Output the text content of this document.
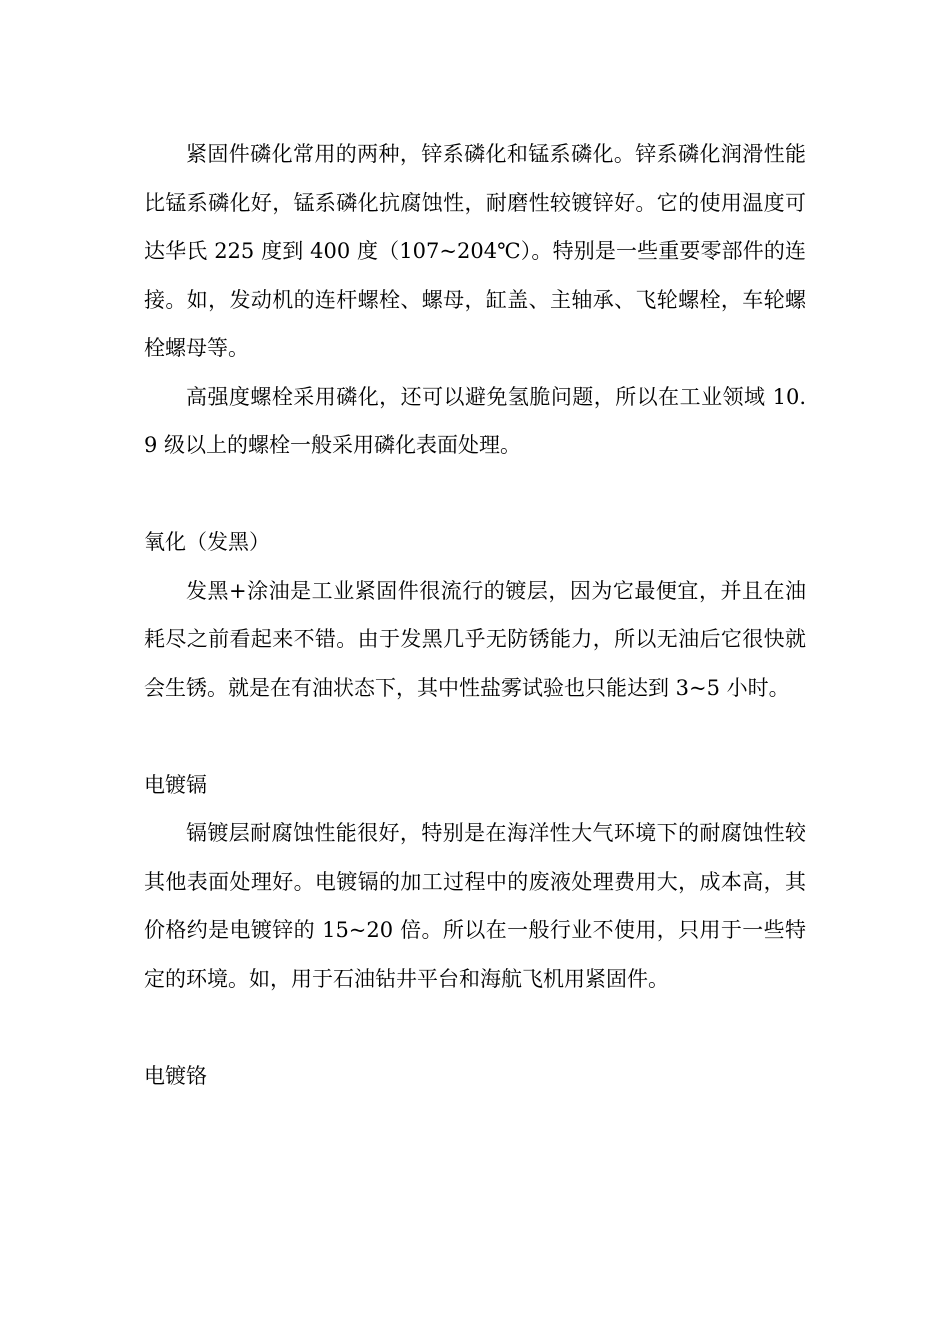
紧固件磷化常用的两种，锌系磷化和锰系磷化。锌系磷化润滑性能比锰系磷化好，锰系磷化抗腐蚀性，耐磨性较镀锌好。它的使用温度可达华氏 225 度到 400 度（107~204℃）。特别是一些重要零部件的连接。如，发动机的连杆螺栓、螺母，缸盖、主轴承、飞轮螺栓，车轮螺栓螺母等。

高强度螺栓采用磷化，还可以避免氢脆问题，所以在工业领域 10.9 级以上的螺栓一般采用磷化表面处理。

氧化（发黑）

发黑+涂油是工业紧固件很流行的镀层，因为它最便宜，并且在油耗尽之前看起来不错。由于发黑几乎无防锈能力，所以无油后它很快就会生锈。就是在有油状态下，其中性盐雾试验也只能达到 3~5 小时。

电镀镉

镉镀层耐腐蚀性能很好，特别是在海洋性大气环境下的耐腐蚀性较其他表面处理好。电镀镉的加工过程中的废液处理费用大，成本高，其价格约是电镀锌的 15~20 倍。所以在一般行业不使用，只用于一些特定的环境。如，用于石油钻井平台和海航飞机用紧固件。

电镀铬
